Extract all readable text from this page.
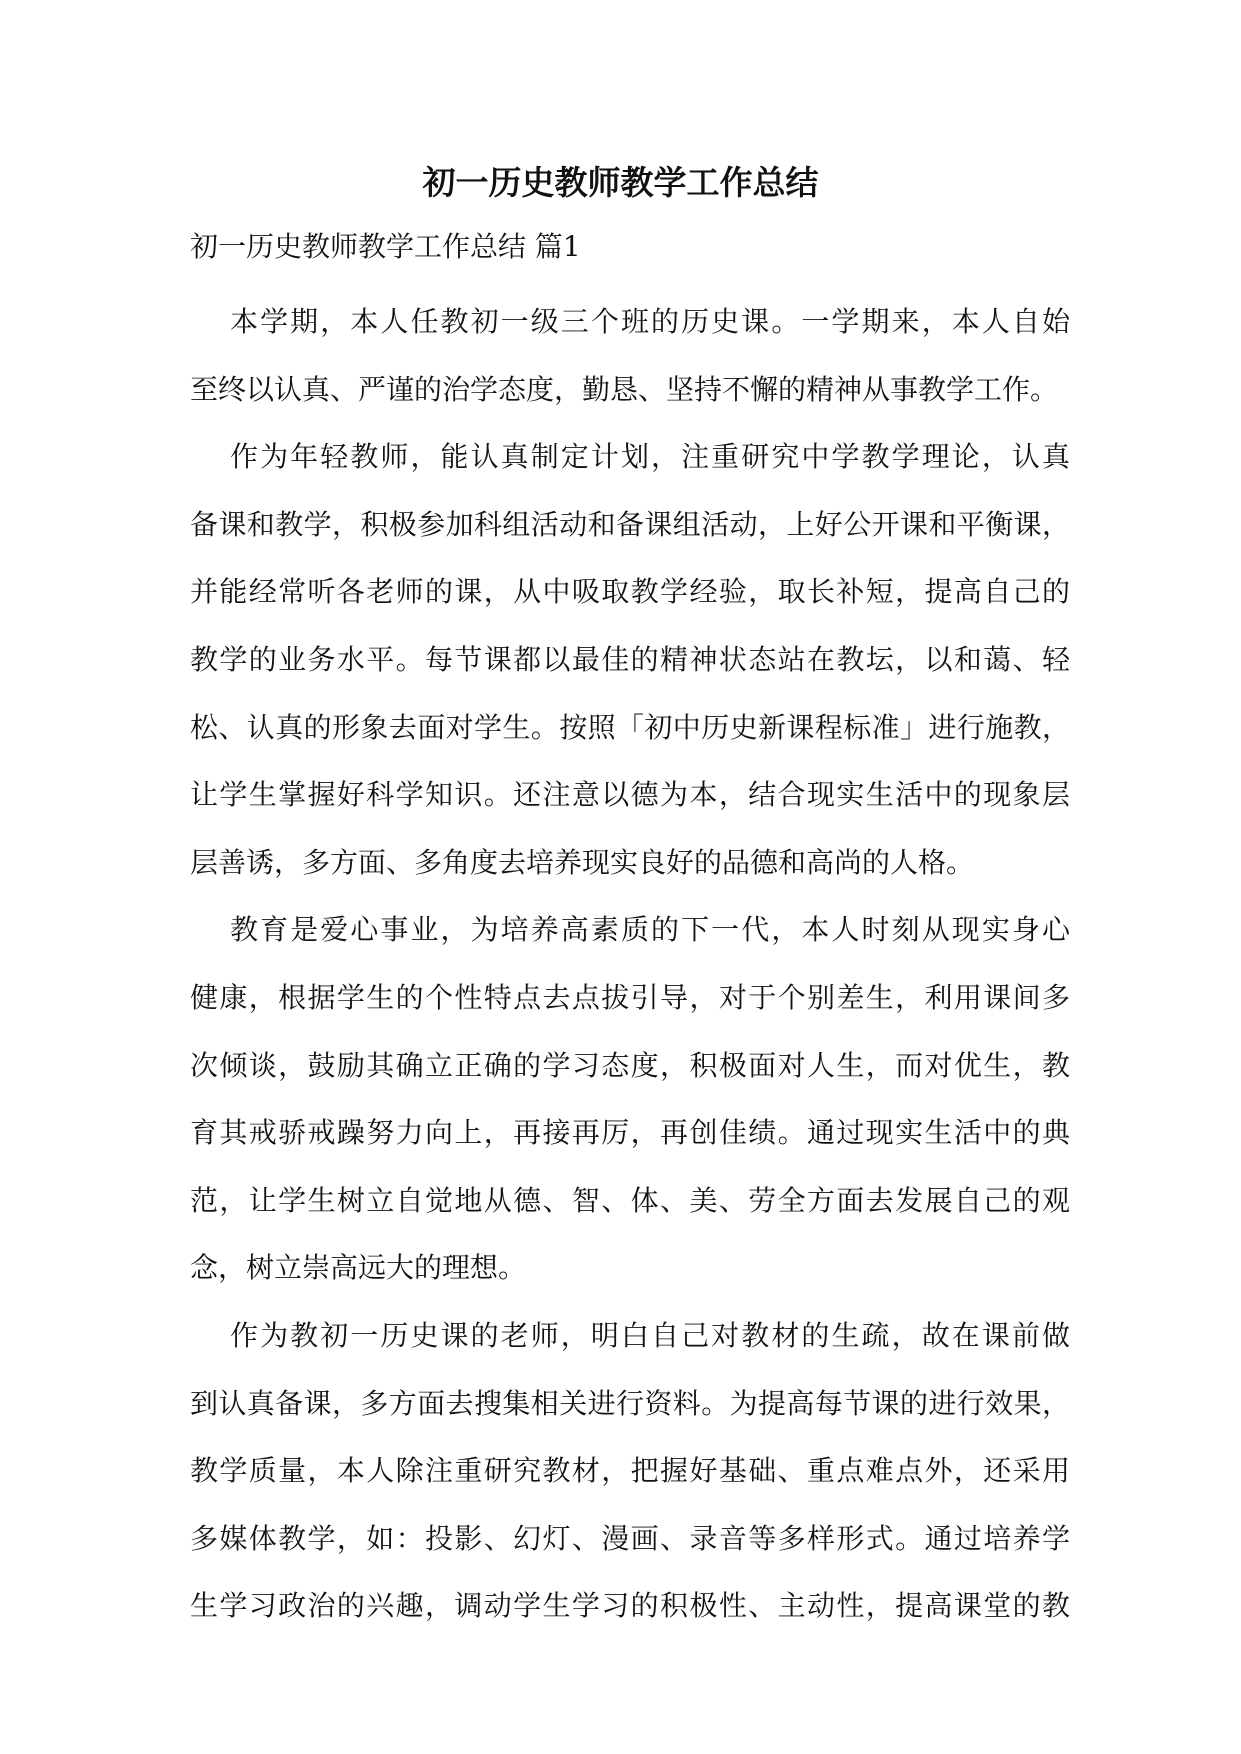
初一历史教师教学工作总结
初一历史教师教学工作总结 篇1
本学期，本人任教初一级三个班的历史课。一学期来，本人自始
至终以认真、严谨的治学态度，勤恳、坚持不懈的精神从事教学工作。
作为年轻教师，能认真制定计划，注重研究中学教学理论，认真
备课和教学，积极参加科组活动和备课组活动，上好公开课和平衡课，
并能经常听各老师的课，从中吸取教学经验，取长补短，提高自己的
教学的业务水平。每节课都以最佳的精神状态站在教坛，以和蔼、轻
松、认真的形象去面对学生。按照「初中历史新课程标准」进行施教，
让学生掌握好科学知识。还注意以德为本，结合现实生活中的现象层
层善诱，多方面、多角度去培养现实良好的品德和高尚的人格。
教育是爱心事业，为培养高素质的下一代，本人时刻从现实身心
健康，根据学生的个性特点去点拔引导，对于个别差生，利用课间多
次倾谈，鼓励其确立正确的学习态度，积极面对人生，而对优生，教
育其戒骄戒躁努力向上，再接再厉，再创佳绩。通过现实生活中的典
范，让学生树立自觉地从德、智、体、美、劳全方面去发展自己的观
念，树立崇高远大的理想。
作为教初一历史课的老师，明白自己对教材的生疏，故在课前做
到认真备课，多方面去搜集相关进行资料。为提高每节课的进行效果，
教学质量，本人除注重研究教材，把握好基础、重点难点外，还采用
多媒体教学，如：投影、幻灯、漫画、录音等多样形式。通过培养学
生学习政治的兴趣，调动学生学习的积极性、主动性，提高课堂的教
